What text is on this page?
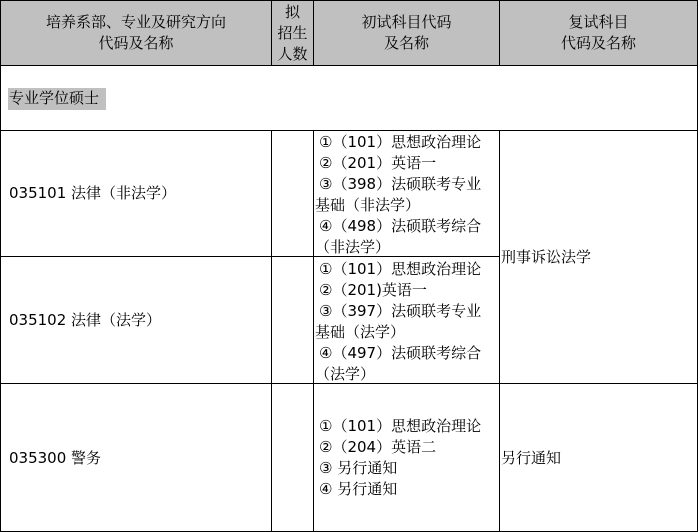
培养系部、专业及研究方向
代码及名称
拟
招生
人数
初试科目代码
及名称
复试科目
代码及名称
专业学位硕士
035101 法律（非法学）
①（101）思想政治理论
②（201）英语一
③（398）法硕联考专业
基础（非法学）
④（498）法硕联考综合
（非法学）
035102 法律（法学）
①（101）思想政治理论
②（201)英语一
③（397）法硕联考专业
基础（法学）
④（497）法硕联考综合
（法学）
刑事诉讼法学
035300 警务
①（101）思想政治理论
②（204）英语二
③ 另行通知
④ 另行通知
另行通知
